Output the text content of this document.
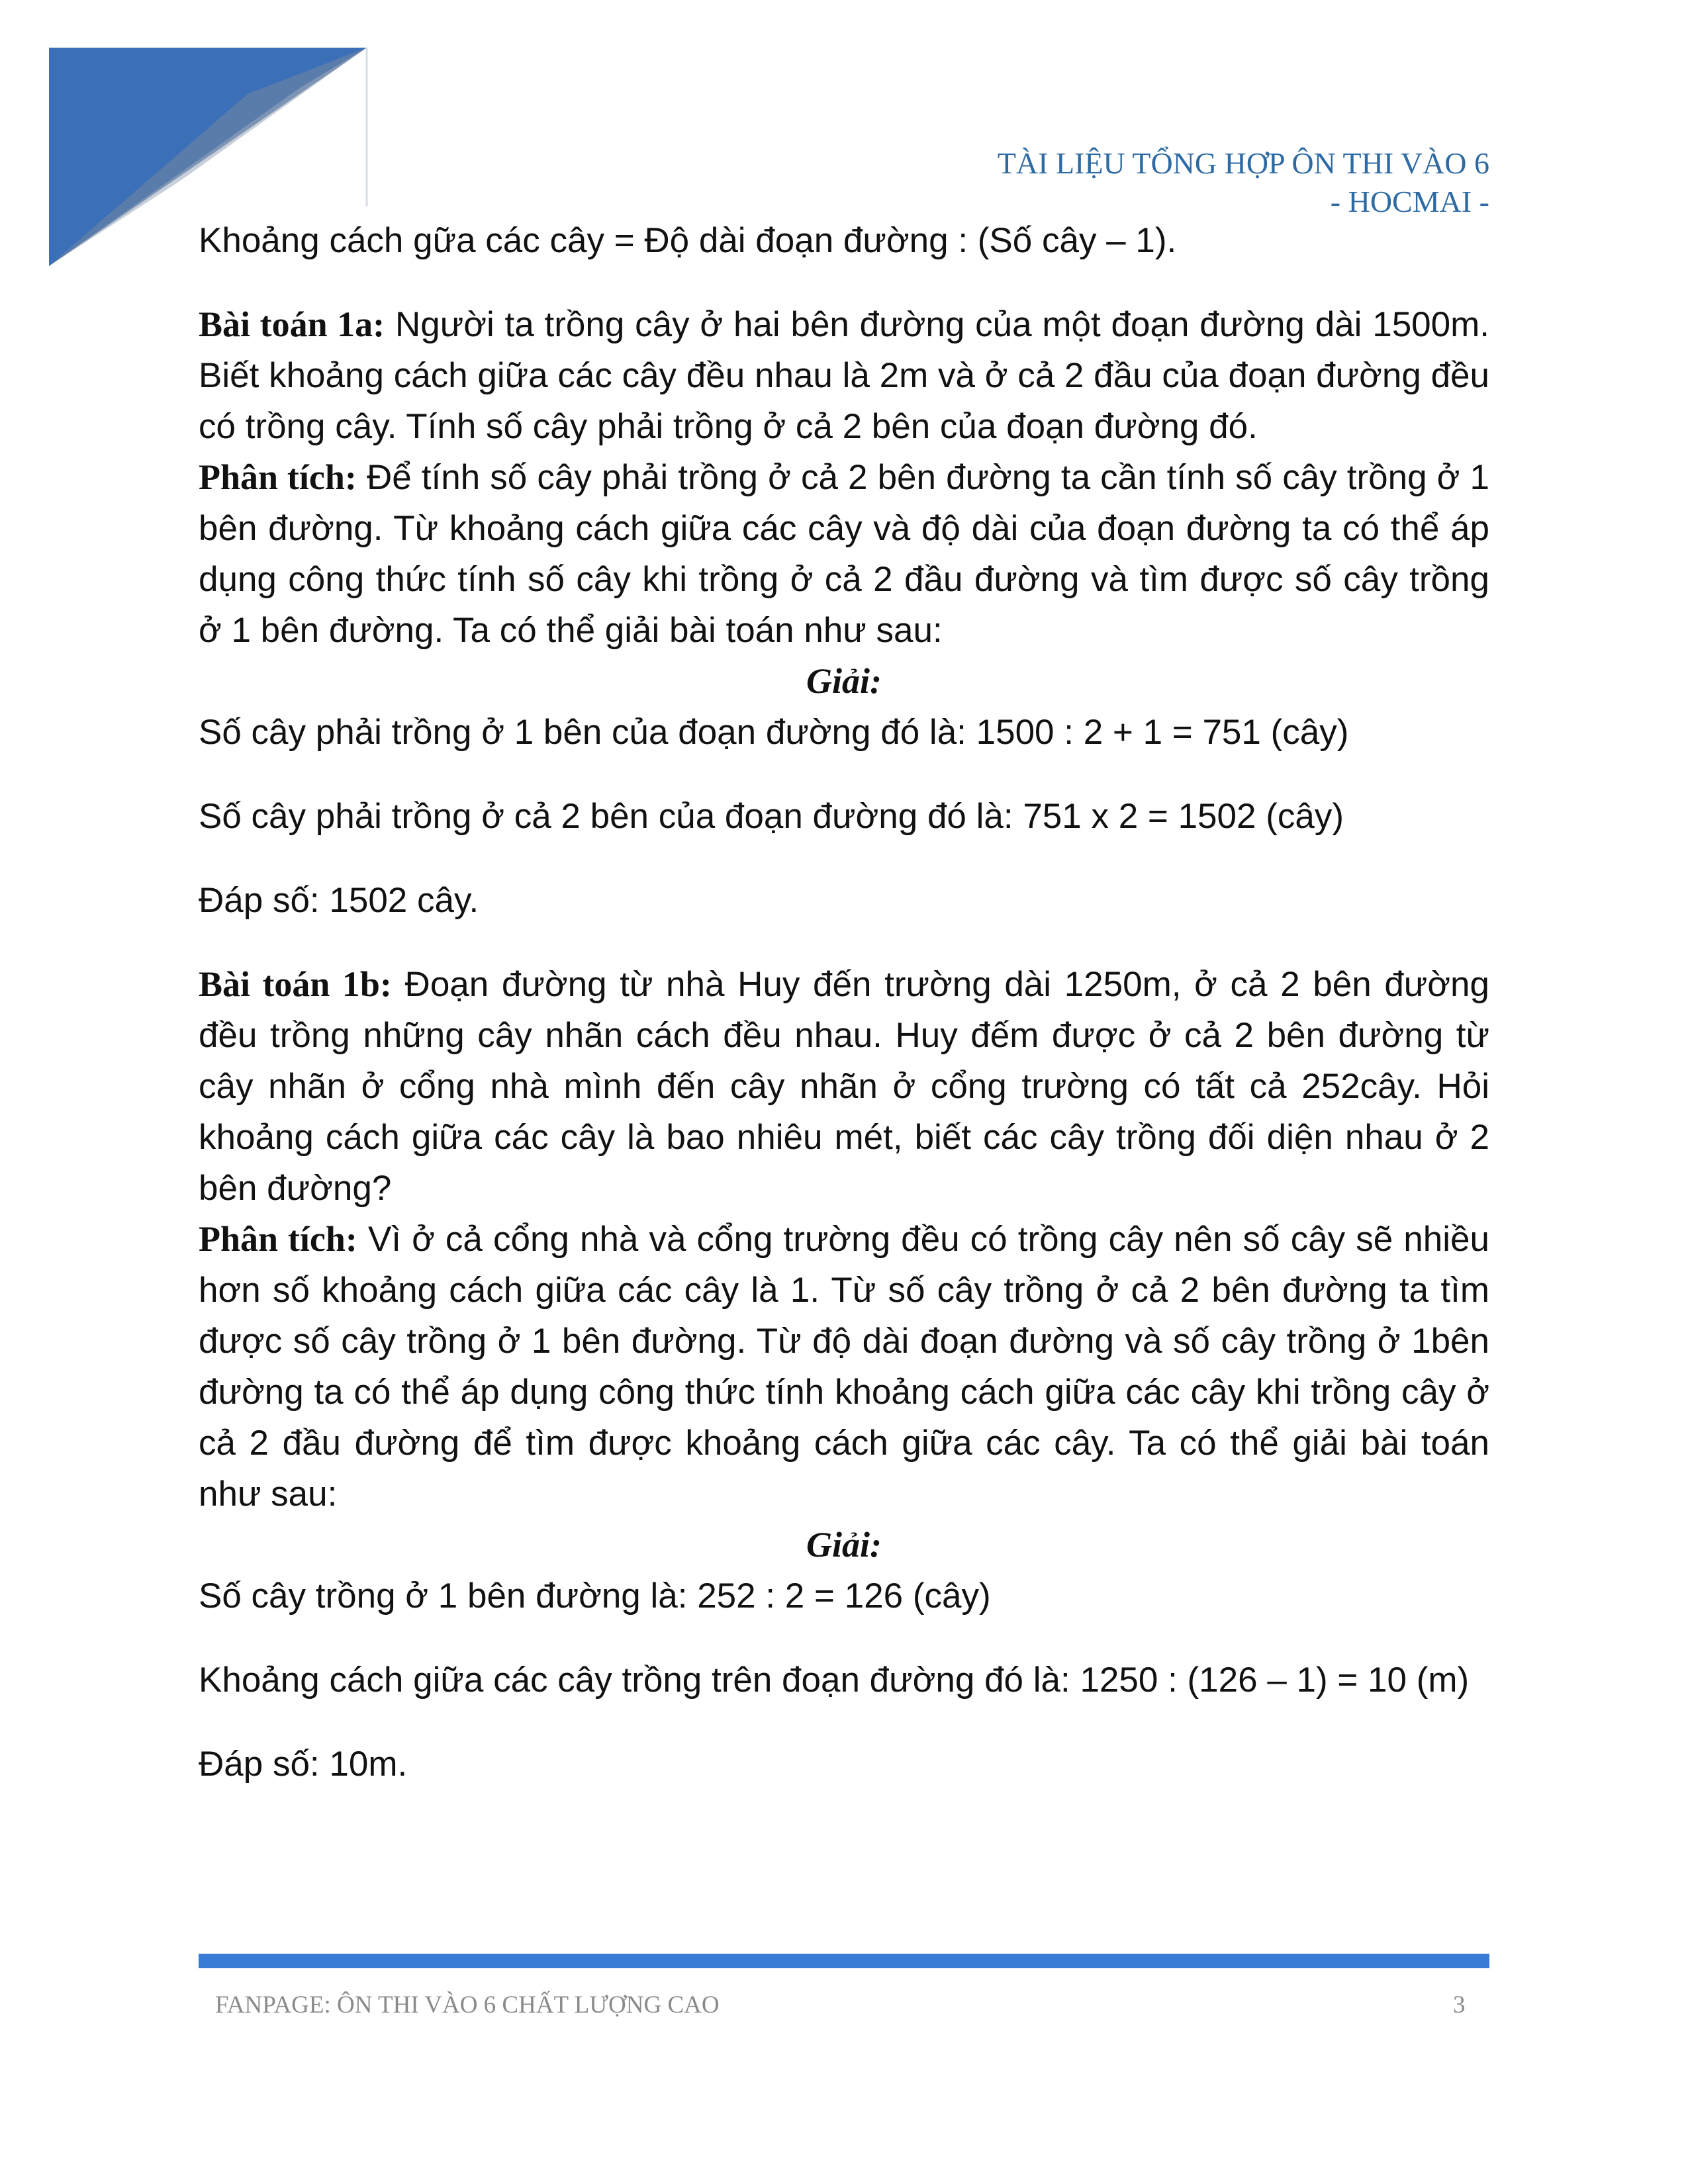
TÀI LIỆU TỔNG HỢP ÔN THI VÀO 6
- HOCMAI -

Khoảng cách gữa các cây = Độ dài đoạn đường : (Số cây – 1).

Bài toán 1a: Người ta trồng cây ở hai bên đường của một đoạn đường dài 1500m. Biết khoảng cách giữa các cây đều nhau là 2m và ở cả 2 đầu của đoạn đường đều có trồng cây. Tính số cây phải trồng ở cả 2 bên của đoạn đường đó.

Phân tích: Để tính số cây phải trồng ở cả 2 bên đường ta cần tính số cây trồng ở 1 bên đường. Từ khoảng cách giữa các cây và độ dài của đoạn đường ta có thể áp dụng công thức tính số cây khi trồng ở cả 2 đầu đường và tìm được số cây trồng ở 1 bên đường. Ta có thể giải bài toán như sau:

Giải:

Số cây phải trồng ở 1 bên của đoạn đường đó là: 1500 : 2 + 1 = 751 (cây)

Số cây phải trồng ở cả 2 bên của đoạn đường đó là: 751 x 2 = 1502 (cây)

Đáp số: 1502 cây.

Bài toán 1b: Đoạn đường từ nhà Huy đến trường dài 1250m, ở cả 2 bên đường đều trồng những cây nhãn cách đều nhau. Huy đếm được ở cả 2 bên đường từ cây nhãn ở cổng nhà mình đến cây nhãn ở cổng trường có tất cả 252cây. Hỏi khoảng cách giữa các cây là bao nhiêu mét, biết các cây trồng đối diện nhau ở 2 bên đường?

Phân tích: Vì ở cả cổng nhà và cổng trường đều có trồng cây nên số cây sẽ nhiều hơn số khoảng cách giữa các cây là 1. Từ số cây trồng ở cả 2 bên đường ta tìm được số cây trồng ở 1 bên đường. Từ độ dài đoạn đường và số cây trồng ở 1bên đường ta có thể áp dụng công thức tính khoảng cách giữa các cây khi trồng cây ở cả 2 đầu đường để tìm được khoảng cách giữa các cây. Ta có thể giải bài toán như sau:

Giải:

Số cây trồng ở 1 bên đường là: 252 : 2 = 126 (cây)

Khoảng cách giữa các cây trồng trên đoạn đường đó là: 1250 : (126 – 1) = 10 (m)

Đáp số: 10m.

FANPAGE: ÔN THI VÀO 6 CHẤT LƯỢNG CAO	3
